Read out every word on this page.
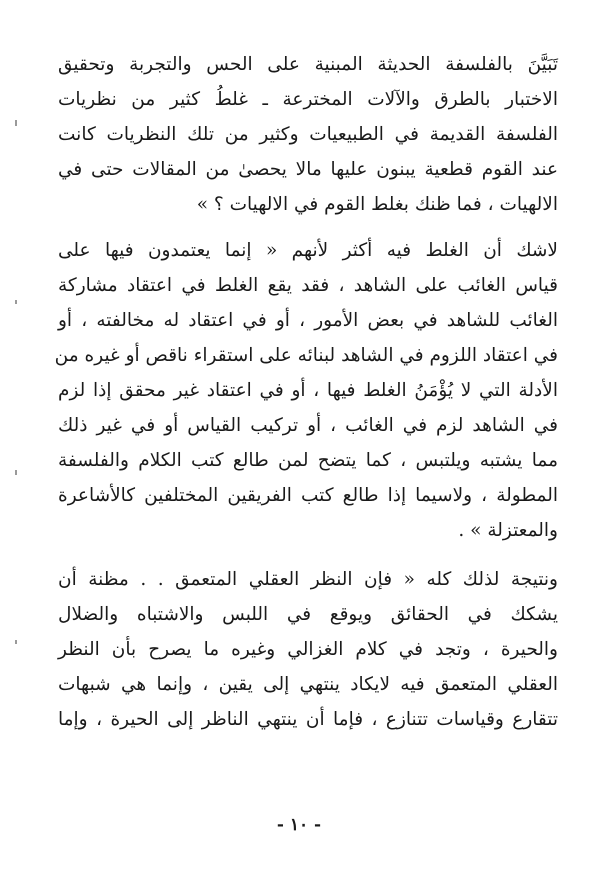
تَبَيَّنَ بالفلسفة الحديثة المبنية على الحس والتجربة وتحقيق
الاختبار بالطرق والآلات المخترعة ـ غلطُ كثير من نظريات
الفلسفة القديمة في الطبيعيات وكثير من تلك النظريات كانت
عند القوم قطعية يبنون عليها مالا يحصىٰ من المقالات حتى في
الالهيات ، فما ظنك بغلط القوم في الالهيات ؟ »
لاشك أن الغلط فيه أكثر لأنهم « إنما يعتمدون فيها على
قياس الغائب على الشاهد ، فقد يقع الغلط في اعتقاد مشاركة
الغائب للشاهد في بعض الأمور ، أو في اعتقاد له مخالفته ، أو
في اعتقاد اللزوم في الشاهد لبنائه على استقراء ناقص أو غيره من
الأدلة التي لا يُؤْمَنُ الغلط فيها ، أو في اعتقاد غير محقق إذا لزم
في الشاهد لزم في الغائب ، أو تركيب القياس أو في غير ذلك
مما يشتبه ويلتبس ، كما يتضح لمن طالع كتب الكلام والفلسفة
المطولة ، ولاسيما إذا طالع كتب الفريقين المختلفين كالأشاعرة
والمعتزلة » .
ونتيجة لذلك كله « فإن النظر العقلي المتعمق . . مظنة أن
يشكك في الحقائق ويوقع في اللبس والاشتباه والضلال
والحيرة ، وتجد في كلام الغزالي وغيره ما يصرح بأن النظر
العقلي المتعمق فيه لايكاد ينتهي إلى يقين ، وإنما هي شبهات
تتقارع وقياسات تتنازع ، فإما أن ينتهي الناظر إلى الحيرة ، وإما
- ١٠ -
